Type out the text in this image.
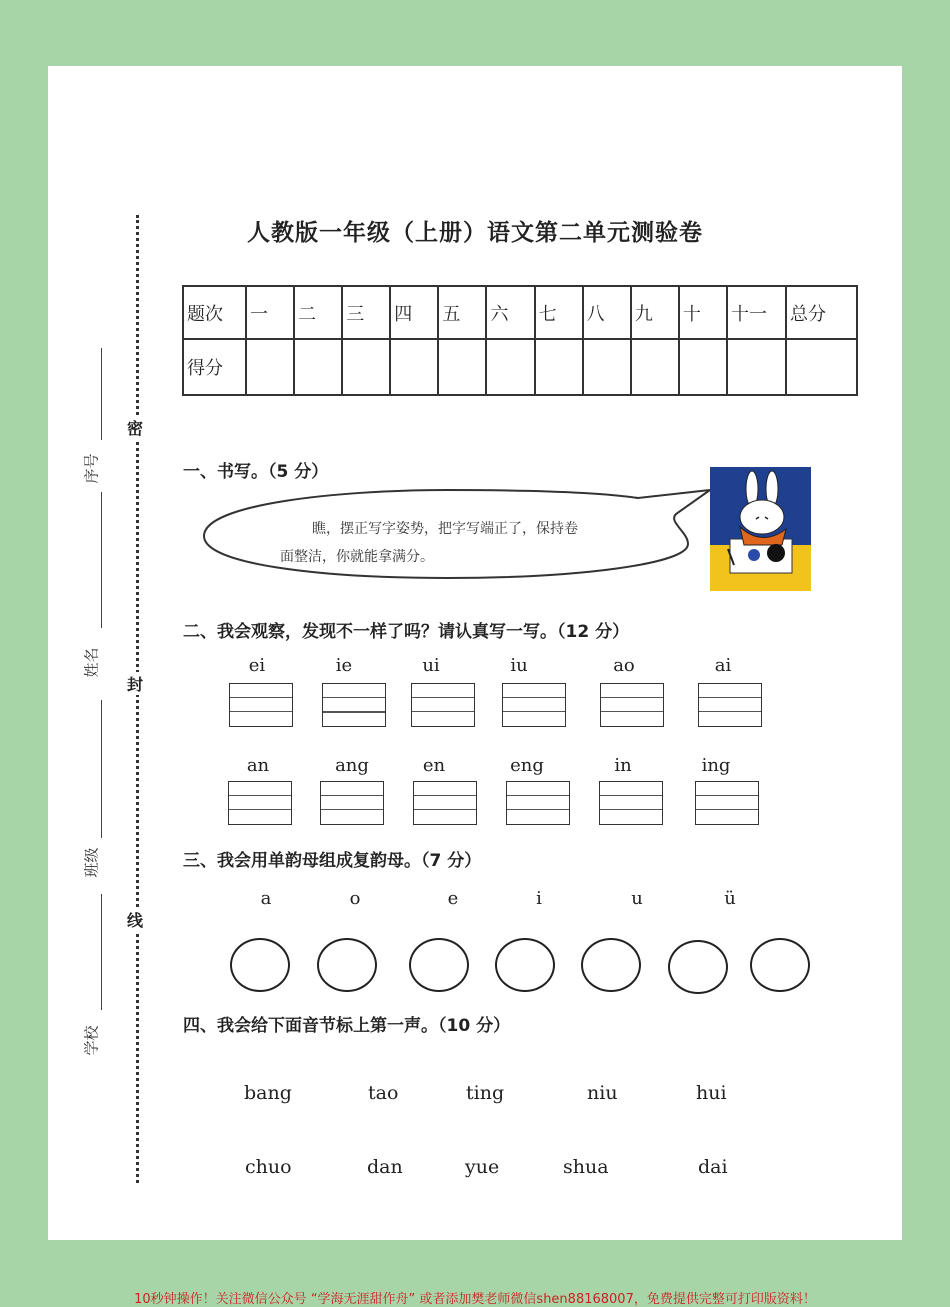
人教版一年级（上册）语文第二单元测验卷
密
封
线
序号
姓名
班级
学校
题次	一	二	三	四	五	六	七	八	九	十	十一	总分
得分												
一、书写。（5 分）
瞧，摆正写字姿势，把字写端正了，保持卷
面整洁，你就能拿满分。
二、我会观察，发现不一样了吗？请认真写一写。（12 分）
ei	ie	ui	iu	ao	ai
an	ang	en	eng	in	ing
三、我会用单韵母组成复韵母。（7 分）
a	o	e	i	u	ü
四、我会给下面音节标上第一声。（10 分）
bang	tao	ting	niu	hui
chuo	dan	yue	shua	dai
10秒钟操作！关注微信公众号 “学海无涯甜作舟” 或者添加樊老师微信shen88168007，免费提供完整可打印版资料！
